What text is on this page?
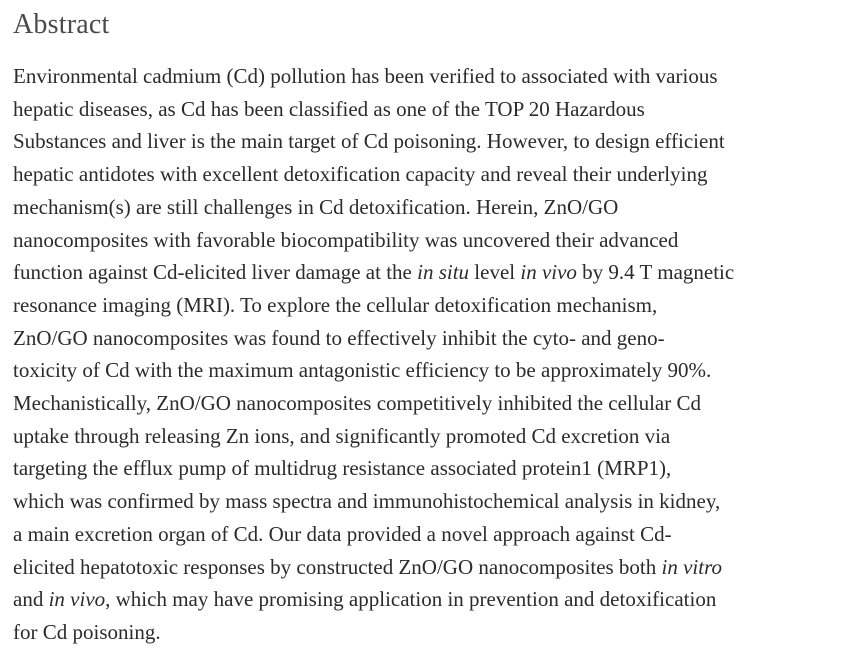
Abstract
Environmental cadmium (Cd) pollution has been verified to associated with various
hepatic diseases, as Cd has been classified as one of the TOP 20 Hazardous
Substances and liver is the main target of Cd poisoning. However, to design efficient
hepatic antidotes with excellent detoxification capacity and reveal their underlying
mechanism(s) are still challenges in Cd detoxification. Herein, ZnO/GO
nanocomposites with favorable biocompatibility was uncovered their advanced
function against Cd-elicited liver damage at the in situ level in vivo by 9.4 T magnetic
resonance imaging (MRI). To explore the cellular detoxification mechanism,
ZnO/GO nanocomposites was found to effectively inhibit the cyto- and geno-
toxicity of Cd with the maximum antagonistic efficiency to be approximately 90%.
Mechanistically, ZnO/GO nanocomposites competitively inhibited the cellular Cd
uptake through releasing Zn ions, and significantly promoted Cd excretion via
targeting the efflux pump of multidrug resistance associated protein1 (MRP1),
which was confirmed by mass spectra and immunohistochemical analysis in kidney,
a main excretion organ of Cd. Our data provided a novel approach against Cd-
elicited hepatotoxic responses by constructed ZnO/GO nanocomposites both in vitro
and in vivo, which may have promising application in prevention and detoxification
for Cd poisoning.
